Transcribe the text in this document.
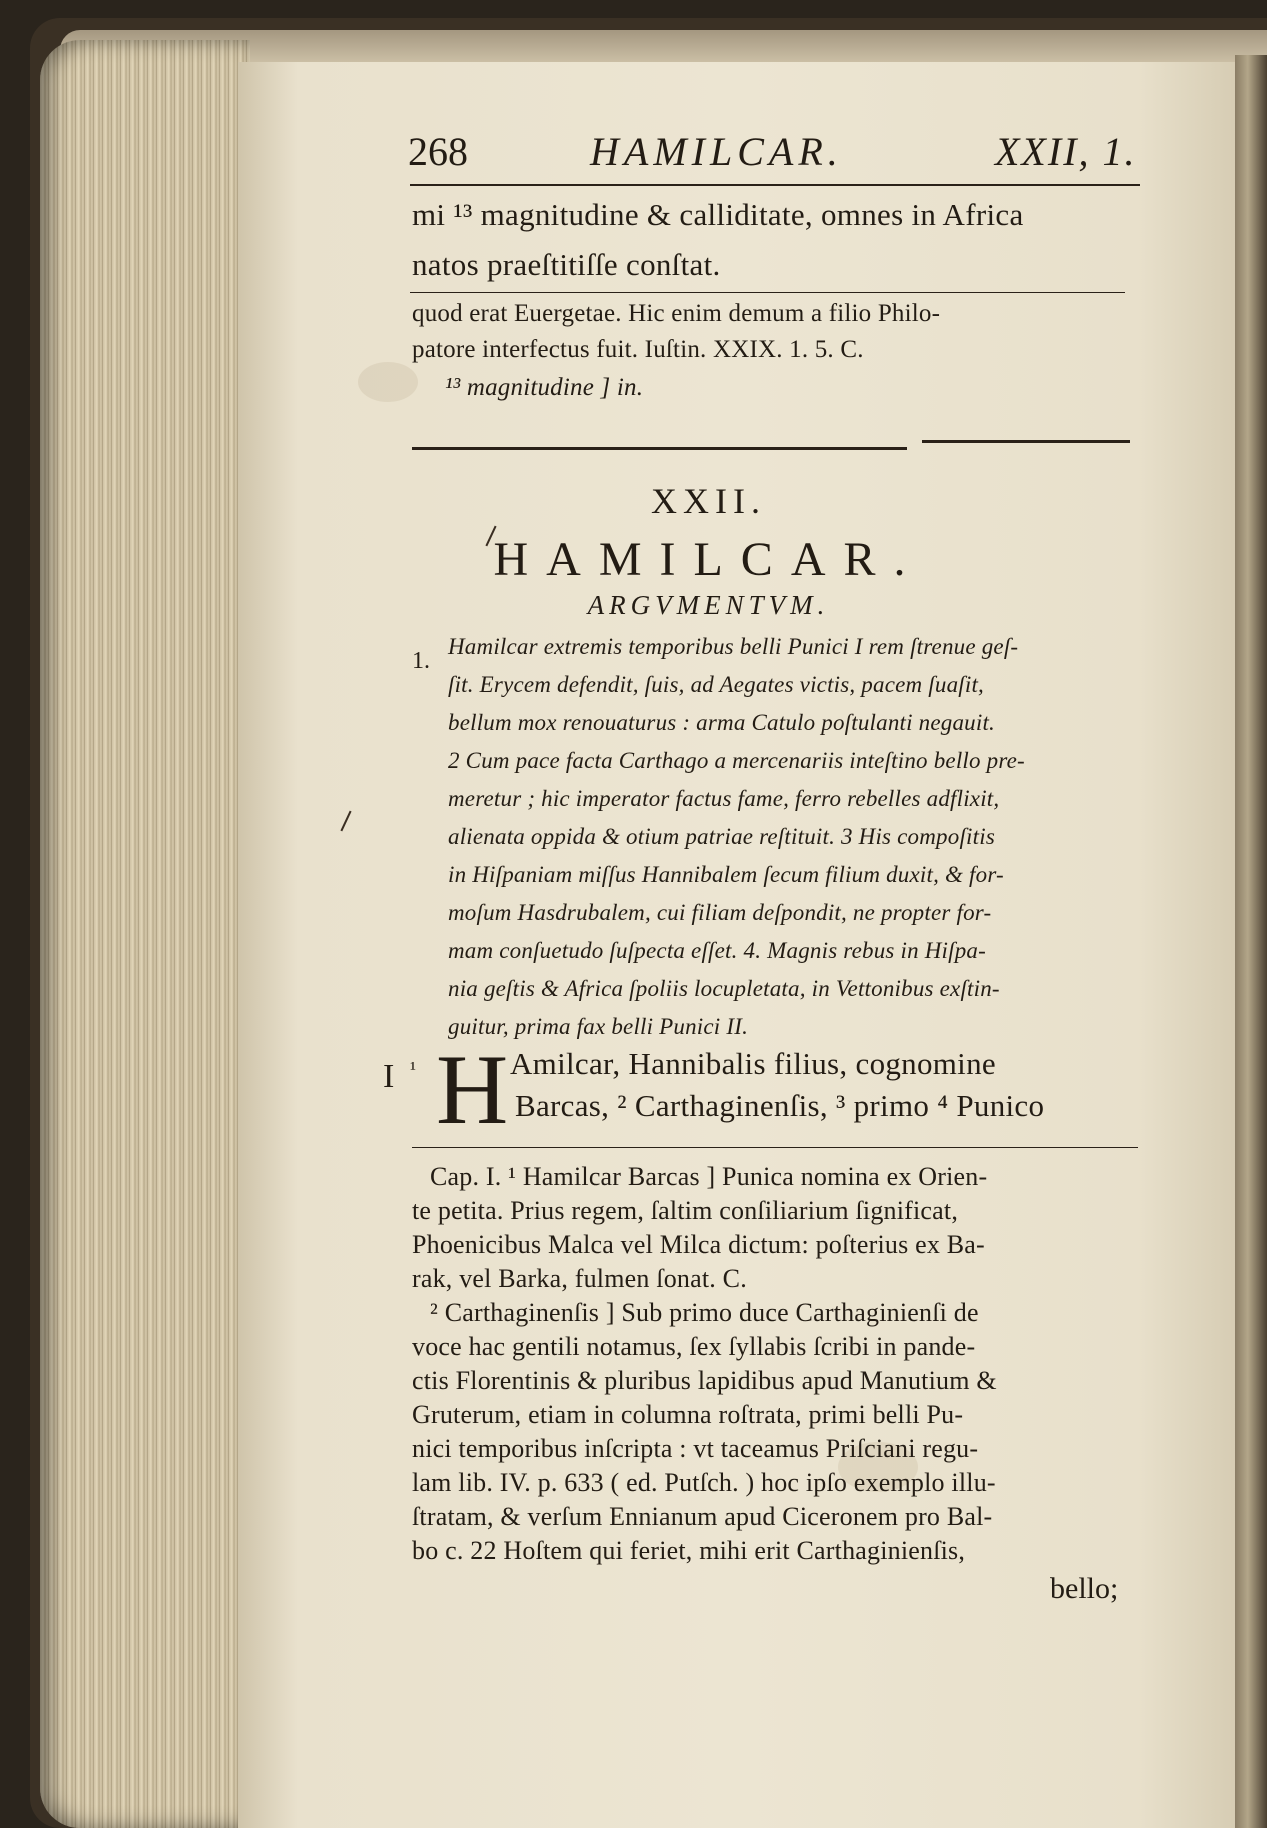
268	HAMILCAR.	XXII, 1.
mi ¹³ magnitudine & calliditate, omnes in Africa
natos praeſtitiſſe conſtat.
quod erat Euergetae. Hic enim demum a filio Philo-
patore interfectus fuit. Iuſtin. XXIX. 1. 5. C.
¹³ magnitudine ] in.
XXII.
HAMILCAR.
ARGVMENTVM.
1.
Hamilcar extremis temporibus belli Punici I rem ſtrenue geſ-
ſit. Erycem defendit, ſuis, ad Aegates victis, pacem ſuaſit,
bellum mox renouaturus : arma Catulo poſtulanti negauit.
2 Cum pace facta Carthago a mercenariis inteſtino bello pre-
meretur ; hic imperator factus fame, ferro rebelles adflixit,
alienata oppida & otium patriae reſtituit. 3 His compoſitis
in Hiſpaniam miſſus Hannibalem ſecum filium duxit, & for-
moſum Hasdrubalem, cui filiam deſpondit, ne propter for-
mam conſuetudo ſuſpecta eſſet. 4. Magnis rebus in Hiſpa-
nia geſtis & Africa ſpoliis locupletata, in Vettonibus exſtin-
guitur, prima fax belli Punici II.
I ¹ H Amilcar, Hannibalis filius, cognomine
Barcas, ² Carthaginenſis, ³ primo ⁴ Punico
Cap. I. ¹ Hamilcar Barcas ] Punica nomina ex Orien-
te petita. Prius regem, ſaltim conſiliarium ſignificat,
Phoenicibus Malca vel Milca dictum: poſterius ex Ba-
rak, vel Barka, fulmen ſonat. C.
² Carthaginenſis ] Sub primo duce Carthaginienſi de
voce hac gentili notamus, ſex ſyllabis ſcribi in pande-
ctis Florentinis & pluribus lapidibus apud Manutium &
Gruterum, etiam in columna roſtrata, primi belli Pu-
nici temporibus inſcripta : vt taceamus Priſciani regu-
lam lib. IV. p. 633 ( ed. Putſch. ) hoc ipſo exemplo illu-
ſtratam, & verſum Ennianum apud Ciceronem pro Bal-
bo c. 22 Hoſtem qui feriet, mihi erit Carthaginienſis,
bello;
